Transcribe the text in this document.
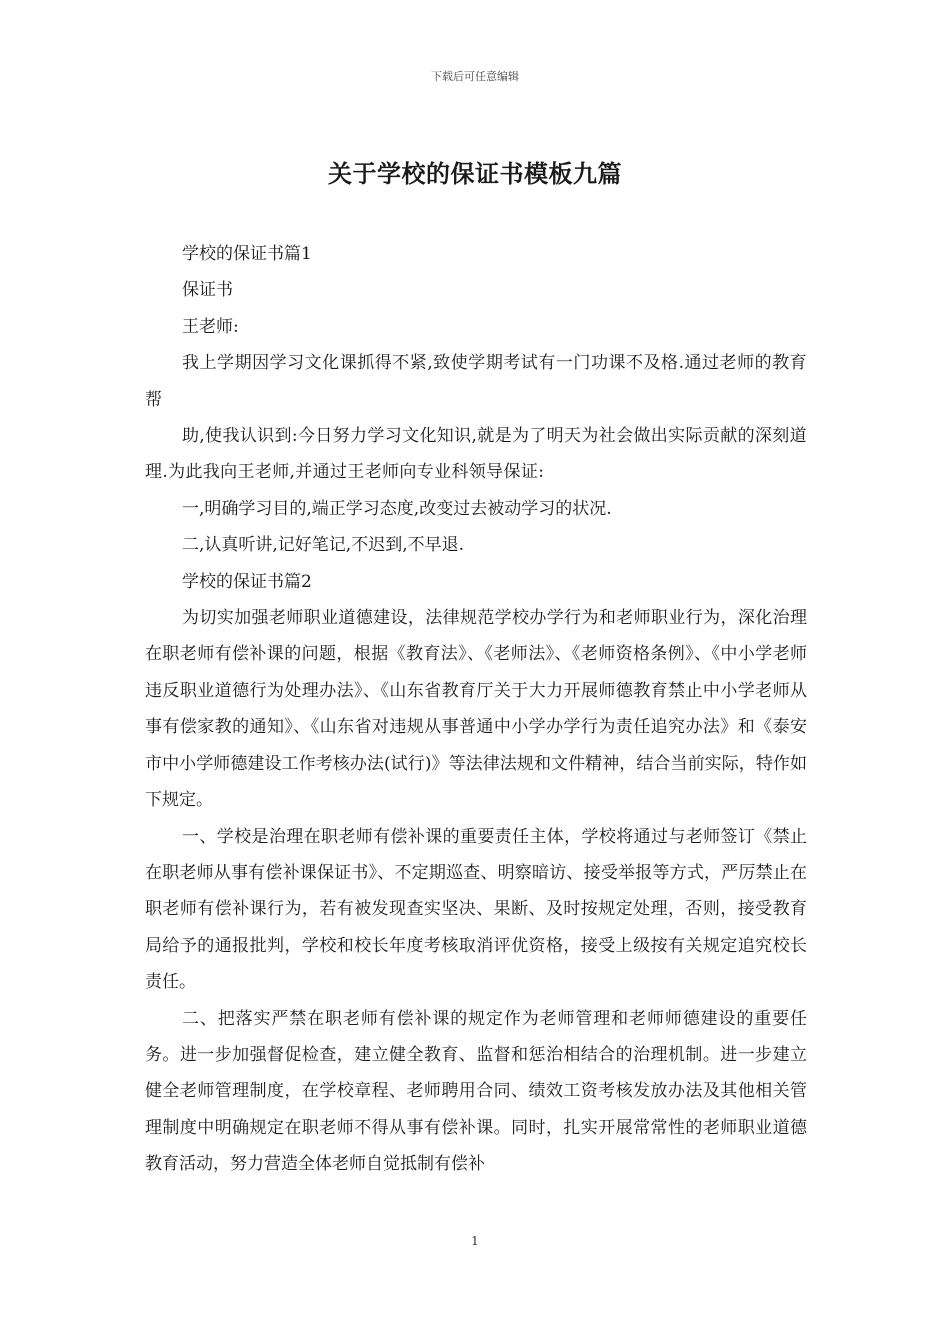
下载后可任意编辑
关于学校的保证书模板九篇

学校的保证书篇1

保证书

王老师:

我上学期因学习文化课抓得不紧,致使学期考试有一门功课不及格.通过老师的教育帮

助,使我认识到:今日努力学习文化知识,就是为了明天为社会做出实际贡献的深刻道理.为此我向王老师,并通过王老师向专业科领导保证:

一,明确学习目的,端正学习态度,改变过去被动学习的状况.

二,认真听讲,记好笔记,不迟到,不早退.

学校的保证书篇2

为切实加强老师职业道德建设，法律规范学校办学行为和老师职业行为，深化治理在职老师有偿补课的问题，根据《教育法》、《老师法》、《老师资格条例》、《中小学老师违反职业道德行为处理办法》、《山东省教育厅关于大力开展师德教育禁止中小学老师从事有偿家教的通知》、《山东省对违规从事普通中小学办学行为责任追究办法》和《泰安市中小学师德建设工作考核办法(试行)》等法律法规和文件精神，结合当前实际，特作如下规定。

一、学校是治理在职老师有偿补课的重要责任主体，学校将通过与老师签订《禁止在职老师从事有偿补课保证书》、不定期巡查、明察暗访、接受举报等方式，严厉禁止在职老师有偿补课行为，若有被发现查实坚决、果断、及时按规定处理，否则，接受教育局给予的通报批判，学校和校长年度考核取消评优资格，接受上级按有关规定追究校长责任。

二、把落实严禁在职老师有偿补课的规定作为老师管理和老师师德建设的重要任务。进一步加强督促检查，建立健全教育、监督和惩治相结合的治理机制。进一步建立健全老师管理制度，在学校章程、老师聘用合同、绩效工资考核发放办法及其他相关管理制度中明确规定在职老师不得从事有偿补课。同时，扎实开展常常性的老师职业道德教育活动，努力营造全体老师自觉抵制有偿补

1
